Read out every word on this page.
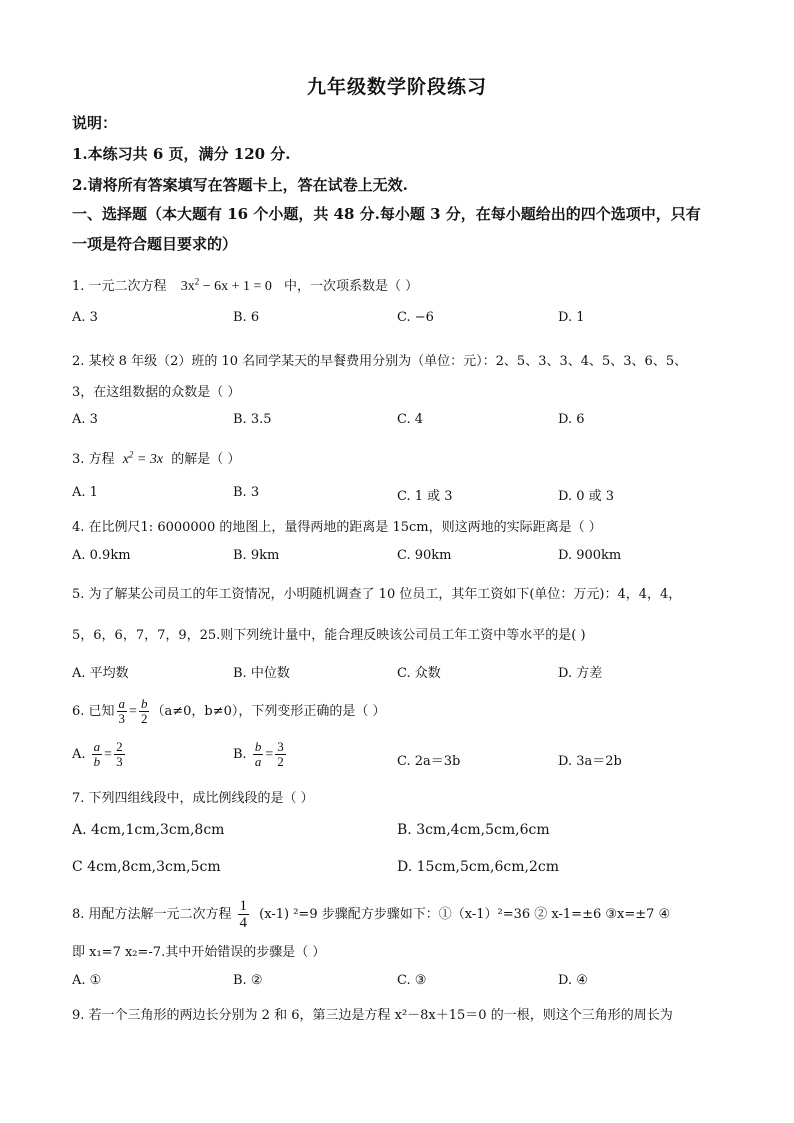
九年级数学阶段练习
说明：
1.本练习共 6 页，满分 120 分.
2.请将所有答案填写在答题卡上，答在试卷上无效.
一、选择题（本大题有 16 个小题，共 48 分.每小题 3 分，在每小题给出的四个选项中，只有
一项是符合题目要求的）
1. 一元二次方程 $3x^2 - 6x + 1 = 0$ 中，一次项系数是（ ）
A. 3	B. 6	C. −6	D. 1
2. 某校 8 年级（2）班的 10 名同学某天的早餐费用分别为（单位：元）：2、5、3、3、4、5、3、6、5、
3，在这组数据的众数是（ ）
A. 3	B. 3.5	C. 4	D. 6
3. 方程 $x^2 = 3x$ 的解是（ ）
A. 1	B. 3	C. 1 或 3	D. 0 或 3
4. 在比例尺1: 6000000 的地图上，量得两地的距离是 15cm，则这两地的实际距离是（ ）
A. 0.9km	B. 9km	C. 90km	D. 900km
5. 为了解某公司员工的年工资情况，小明随机调查了 10 位员工，其年工资如下(单位：万元)：4，4，4，
5，6，6，7，7，9，25.则下列统计量中，能合理反映该公司员工年工资中等水平的是( )
A. 平均数	B. 中位数	C. 众数	D. 方差
6. 已知 $\frac{a}{3} = \frac{b}{2} (a\ne 0$，b≠0），下列变形正确的是（ ）
A. $\frac{a}{b} = \frac{2}{3}$	B. $\frac{b}{a} = \frac{3}{2}$	C. 2a＝3b	D. 3a＝2b
7. 下列四组线段中，成比例线段的是（ ）
A. 4cm,1cm,3cm,8cm	B. 3cm,4cm,5cm,6cm
C 4cm,8cm,3cm,5cm	D. 15cm,5cm,6cm,2cm
8. 用配方法解一元二次方程 $\frac{1}{4} (x-1)$ ²=9 步骤配方步骤如下：①（x-1）²=36 ② x-1=±6 ③x=±7 ④
即 x₁=7 x₂=-7.其中开始错误的步骤是（ ）
A. ①	B. ②	C. ③	D. ④
9. 若一个三角形的两边长分别为 2 和 6，第三边是方程 x²－8x＋15＝0 的一根，则这个三角形的周长为
